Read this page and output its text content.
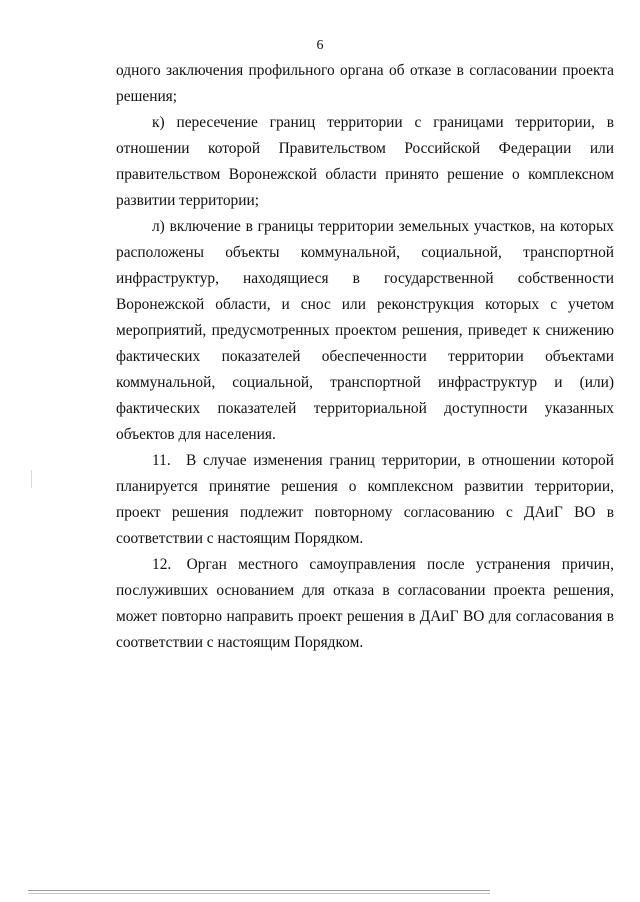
6

одного заключения профильного органа об отказе в согласовании проекта решения;

к) пересечение границ территории с границами территории, в отношении которой Правительством Российской Федерации или правительством Воронежской области принято решение о комплексном развитии территории;

л) включение в границы территории земельных участков, на которых расположены объекты коммунальной, социальной, транспортной инфраструктур, находящиеся в государственной собственности Воронежской области, и снос или реконструкция которых с учетом мероприятий, предусмотренных проектом решения, приведет к снижению фактических показателей обеспеченности территории объектами коммунальной, социальной, транспортной инфраструктур и (или) фактических показателей территориальной доступности указанных объектов для населения.

11. В случае изменения границ территории, в отношении которой планируется принятие решения о комплексном развитии территории, проект решения подлежит повторному согласованию с ДАиГ ВО в соответствии с настоящим Порядком.

12. Орган местного самоуправления после устранения причин, послуживших основанием для отказа в согласовании проекта решения, может повторно направить проект решения в ДАиГ ВО для согласования в соответствии с настоящим Порядком.
